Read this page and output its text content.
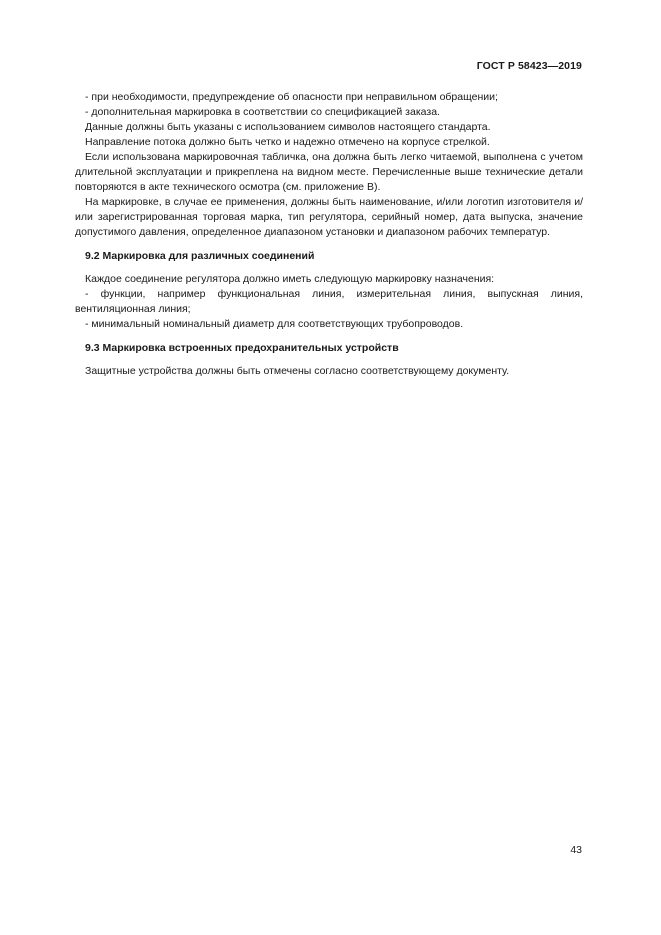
ГОСТ Р 58423—2019

- при необходимости, предупреждение об опасности при неправильном обращении;

- дополнительная маркировка в соответствии со спецификацией заказа.

Данные должны быть указаны с использованием символов настоящего стандарта.

Направление потока должно быть четко и надежно отмечено на корпусе стрелкой.

Если использована маркировочная табличка, она должна быть легко читаемой, выполнена с учетом длительной эксплуатации и прикреплена на видном месте. Перечисленные выше технические детали повторяются в акте технического осмотра (см. приложение В).

На маркировке, в случае ее применения, должны быть наименование, и/или логотип изготовителя и/или зарегистрированная торговая марка, тип регулятора, серийный номер, дата выпуска, значение допустимого давления, определенное диапазоном установки и диапазоном рабочих температур.

9.2 Маркировка для различных соединений

Каждое соединение регулятора должно иметь следующую маркировку назначения:

- функции, например функциональная линия, измерительная линия, выпускная линия, вентиляционная линия;

- минимальный номинальный диаметр для соответствующих трубопроводов.

9.3 Маркировка встроенных предохранительных устройств

Защитные устройства должны быть отмечены согласно соответствующему документу.

43
